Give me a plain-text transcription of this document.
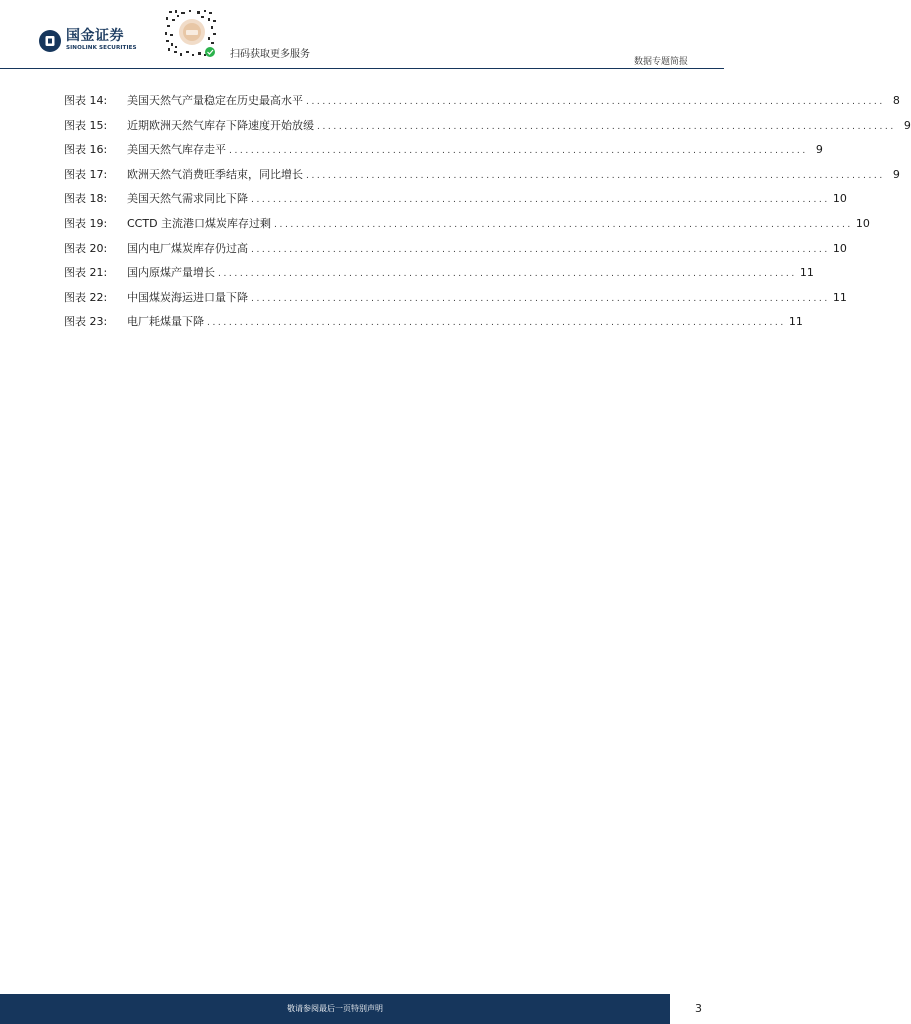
国金证券
SINOLINK SECURITIES
扫码获取更多服务
数据专题简报
图表 14:	美国天然气产量稳定在历史最高水平 .......................................................................................................... 8
图表 15:	近期欧洲天然气库存下降速度开始放缓 .......................................................................................................... 9
图表 16:	美国天然气库存走平 .......................................................................................................... 9
图表 17:	欧洲天然气消费旺季结束，同比增长 .......................................................................................................... 9
图表 18:	美国天然气需求同比下降 .......................................................................................................... 10
图表 19:	CCTD 主流港口煤炭库存过剩 .......................................................................................................... 10
图表 20:	国内电厂煤炭库存仍过高 .......................................................................................................... 10
图表 21:	国内原煤产量增长 .......................................................................................................... 11
图表 22:	中国煤炭海运进口量下降 .......................................................................................................... 11
图表 23:	电厂耗煤量下降 .......................................................................................................... 11
敬请参阅最后一页特别声明	3
